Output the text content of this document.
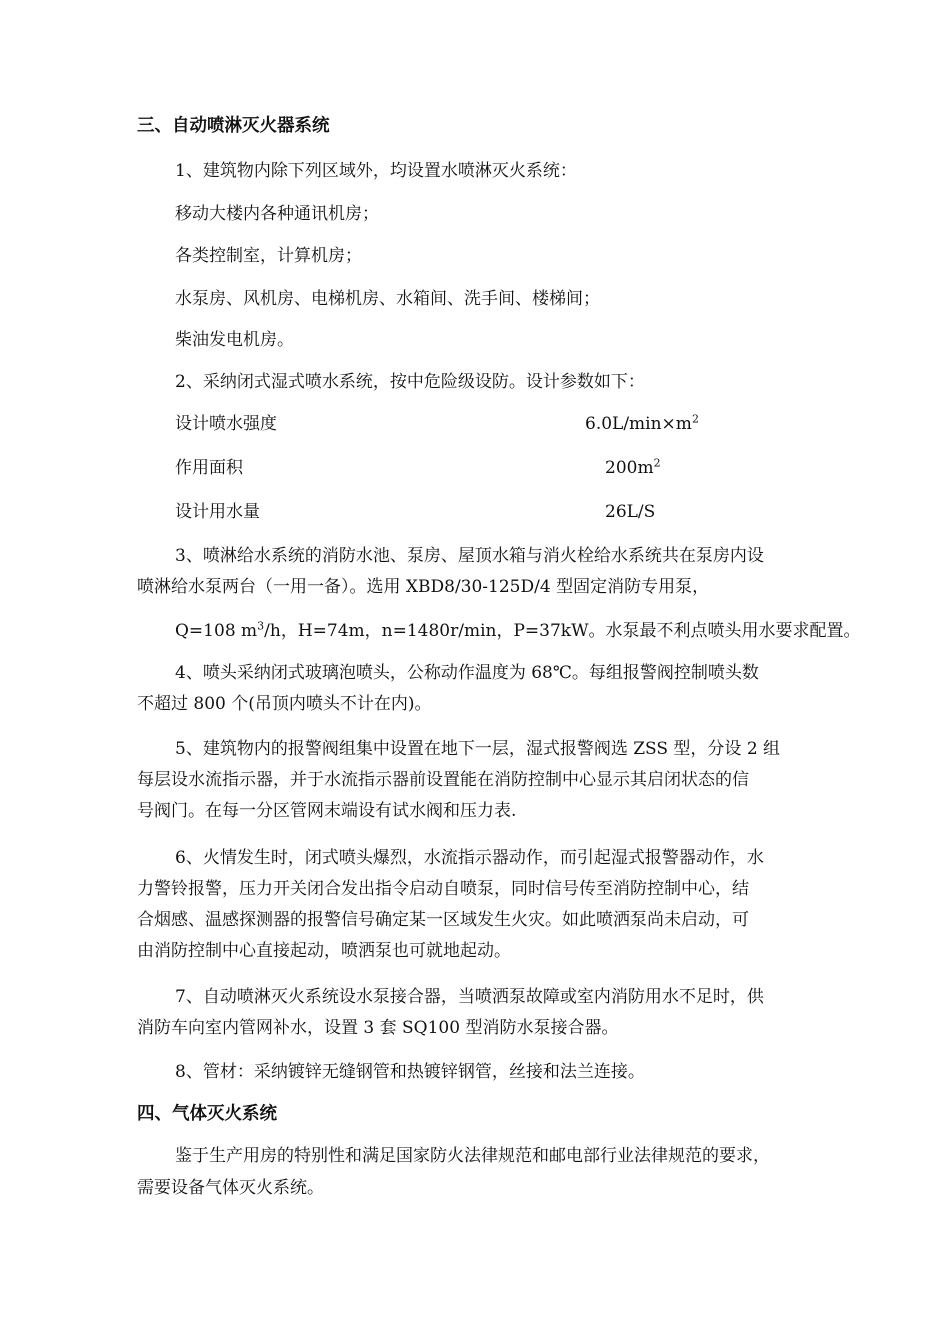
三、自动喷淋灭火器系统
1、建筑物内除下列区域外，均设置水喷淋灭火系统：
移动大楼内各种通讯机房；
各类控制室，计算机房；
水泵房、风机房、电梯机房、水箱间、洗手间、楼梯间；
柴油发电机房。
2、采纳闭式湿式喷水系统，按中危险级设防。设计参数如下：
设计喷水强度	$6.0L/\min\times m^2$
作用面积	$200m^2$
设计用水量	26L/S
3、喷淋给水系统的消防水池、泵房、屋顶水箱与消火栓给水系统共在泵房内设
喷淋给水泵两台（一用一备）。选用 XBD8/30-125D/4 型固定消防专用泵，
Q=108 $m^3/h$，H=74m，n=1480r/min，P=37kW。水泵最不利点喷头用水要求配置。
4、喷头采纳闭式玻璃泡喷头，公称动作温度为 68℃。每组报警阀控制喷头数
不超过 800 个(吊顶内喷头不计在内)。
5、建筑物内的报警阀组集中设置在地下一层，湿式报警阀选 ZSS 型，分设 2 组
每层设水流指示器，并于水流指示器前设置能在消防控制中心显示其启闭状态的信
号阀门。在每一分区管网末端设有试水阀和压力表.
6、火情发生时，闭式喷头爆烈，水流指示器动作，而引起湿式报警器动作，水
力警铃报警，压力开关闭合发出指令启动自喷泵，同时信号传至消防控制中心，结
合烟感、温感探测器的报警信号确定某一区域发生火灾。如此喷洒泵尚未启动，可
由消防控制中心直接起动，喷洒泵也可就地起动。
7、自动喷淋灭火系统设水泵接合器，当喷洒泵故障或室内消防用水不足时，供
消防车向室内管网补水，设置 3 套 SQ100 型消防水泵接合器。
8、管材：采纳镀锌无缝钢管和热镀锌钢管，丝接和法兰连接。
四、气体灭火系统
鉴于生产用房的特别性和满足国家防火法律规范和邮电部行业法律规范的要求，
需要设备气体灭火系统。
